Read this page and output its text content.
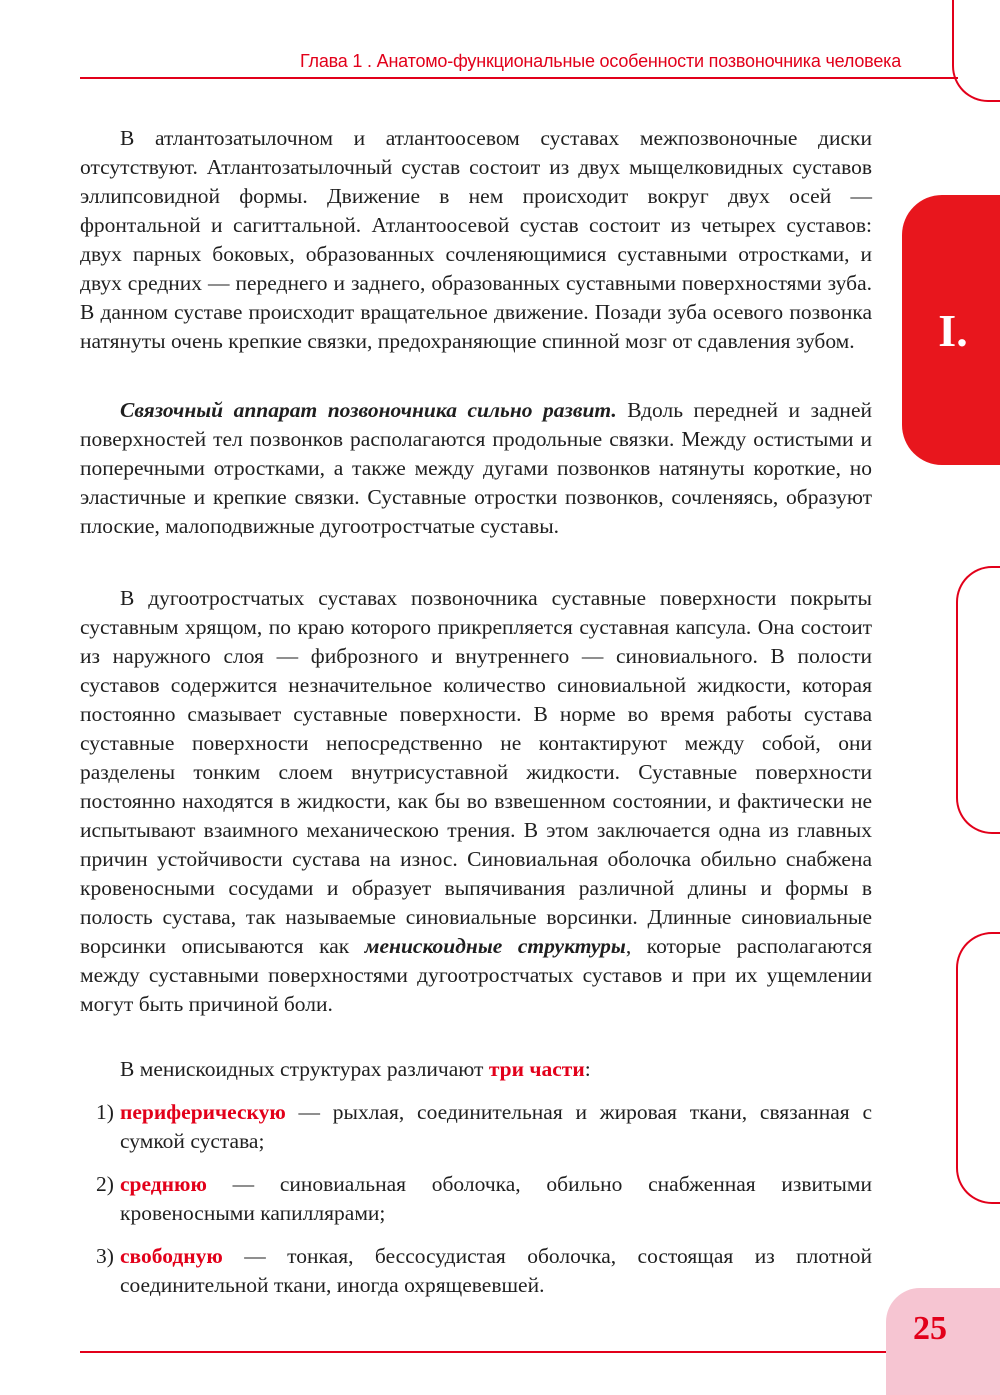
Глава 1 . Анатомо-функциональные особенности позвоночника человека
I.

В атлантозатылочном и атлантоосевом суставах межпозвоночные диски отсутствуют. Атлантозатылочный сустав состоит из двух мыщелковидных суставов эллипсовидной формы. Движение в нем происходит вокруг двух осей — фронтальной и сагиттальной. Атлантоосевой сустав состоит из четырех суставов: двух парных боковых, образованных сочленяющимися суставными отростками, и двух средних — переднего и заднего, образованных суставными поверхностями зуба. В данном суставе происходит вращательное движение. Позади зуба осевого позвонка натянуты очень крепкие связки, предохраняющие спинной мозг от сдавления зубом.

Связочный аппарат позвоночника сильно развит. Вдоль передней и задней поверхностей тел позвонков располагаются продольные связки. Между остистыми и поперечными отростками, а также между дугами позвонков натянуты короткие, но эластичные и крепкие связки. Суставные отростки позвонков, сочленяясь, образуют плоские, малоподвижные дугоотростчатые суставы.

В дугоотростчатых суставах позвоночника суставные поверхности покрыты суставным хрящом, по краю которого прикрепляется суставная капсула. Она состоит из наружного слоя — фиброзного и внутреннего — синовиального. В полости суставов содержится незначительное количество синовиальной жидкости, которая постоянно смазывает суставные поверхности. В норме во время работы сустава суставные поверхности непосредственно не контактируют между собой, они разделены тонким слоем внутрисуставной жидкости. Суставные поверхности постоянно находятся в жидкости, как бы во взвешенном состоянии, и фактически не испытывают взаимного механическою трения. В этом заключается одна из главных причин устойчивости сустава на износ. Синовиальная оболочка обильно снабжена кровеносными сосудами и образует выпячивания различной длины и формы в полость сустава, так называемые синовиальные ворсинки. Длинные синовиальные ворсинки описываются как менискоидные структуры, которые располагаются между суставными поверхностями дугоотростчатых суставов и при их ущемлении могут быть причиной боли.

В менискоидных структурах различают три части:

1) периферическую — рыхлая, соединительная и жировая ткани, связанная с сумкой сустава;

2) среднюю — синовиальная оболочка, обильно снабженная извитыми кровеносными капиллярами;

3) свободную — тонкая, бессосудистая оболочка, состоящая из плотной соединительной ткани, иногда охрящевевшей.

25
